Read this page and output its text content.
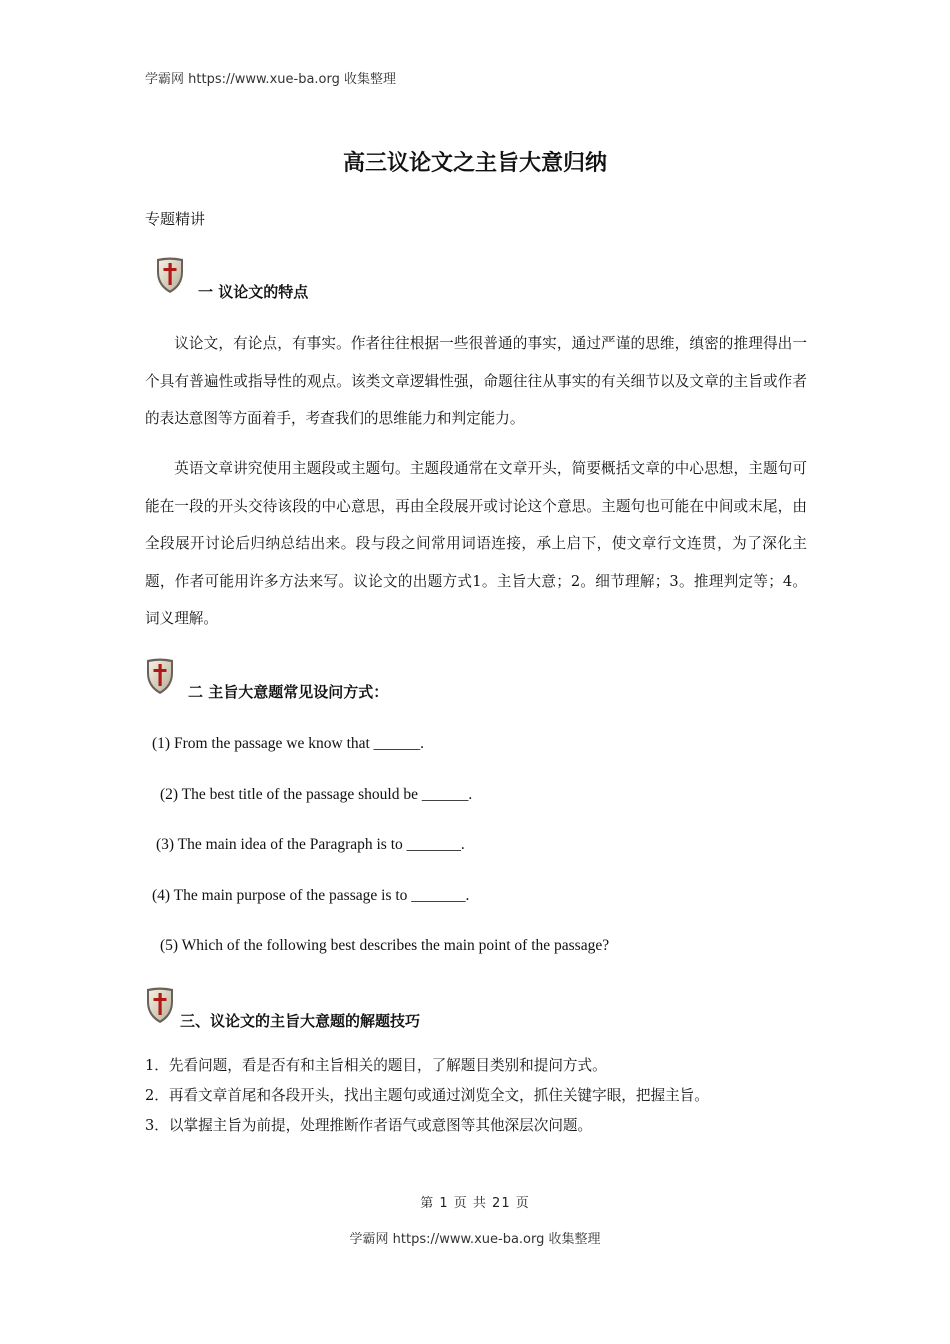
学霸网 https://www.xue-ba.org 收集整理
高三议论文之主旨大意归纳
专题精讲
一 议论文的特点
议论文，有论点，有事实。作者往往根据一些很普通的事实，通过严谨的思维，缜密的推理得出一个具有普遍性或指导性的观点。该类文章逻辑性强，命题往往从事实的有关细节以及文章的主旨或作者的表达意图等方面着手，考查我们的思维能力和判定能力。
英语文章讲究使用主题段或主题句。主题段通常在文章开头，简要概括文章的中心思想，主题句可能在一段的开头交待该段的中心意思，再由全段展开或讨论这个意思。主题句也可能在中间或末尾，由全段展开讨论后归纳总结出来。段与段之间常用词语连接，承上启下，使文章行文连贯，为了深化主题，作者可能用许多方法来写。议论文的出题方式1。主旨大意；2。细节理解；3。推理判定等；4。词义理解。
二 主旨大意题常见设问方式：
(1) From the passage we know that ______.
(2) The best title of the passage should be ______.
(3) The main idea of the Paragraph is to _______.
(4) The main purpose of the passage is to _______.
(5) Which of the following best describes the main point of the passage?
三、议论文的主旨大意题的解题技巧
1．先看问题，看是否有和主旨相关的题目，了解题目类别和提问方式。
2．再看文章首尾和各段开头，找出主题句或通过浏览全文，抓住关键字眼，把握主旨。
3．以掌握主旨为前提，处理推断作者语气或意图等其他深层次问题。
第 1 页 共 21 页
学霸网 https://www.xue-ba.org 收集整理
